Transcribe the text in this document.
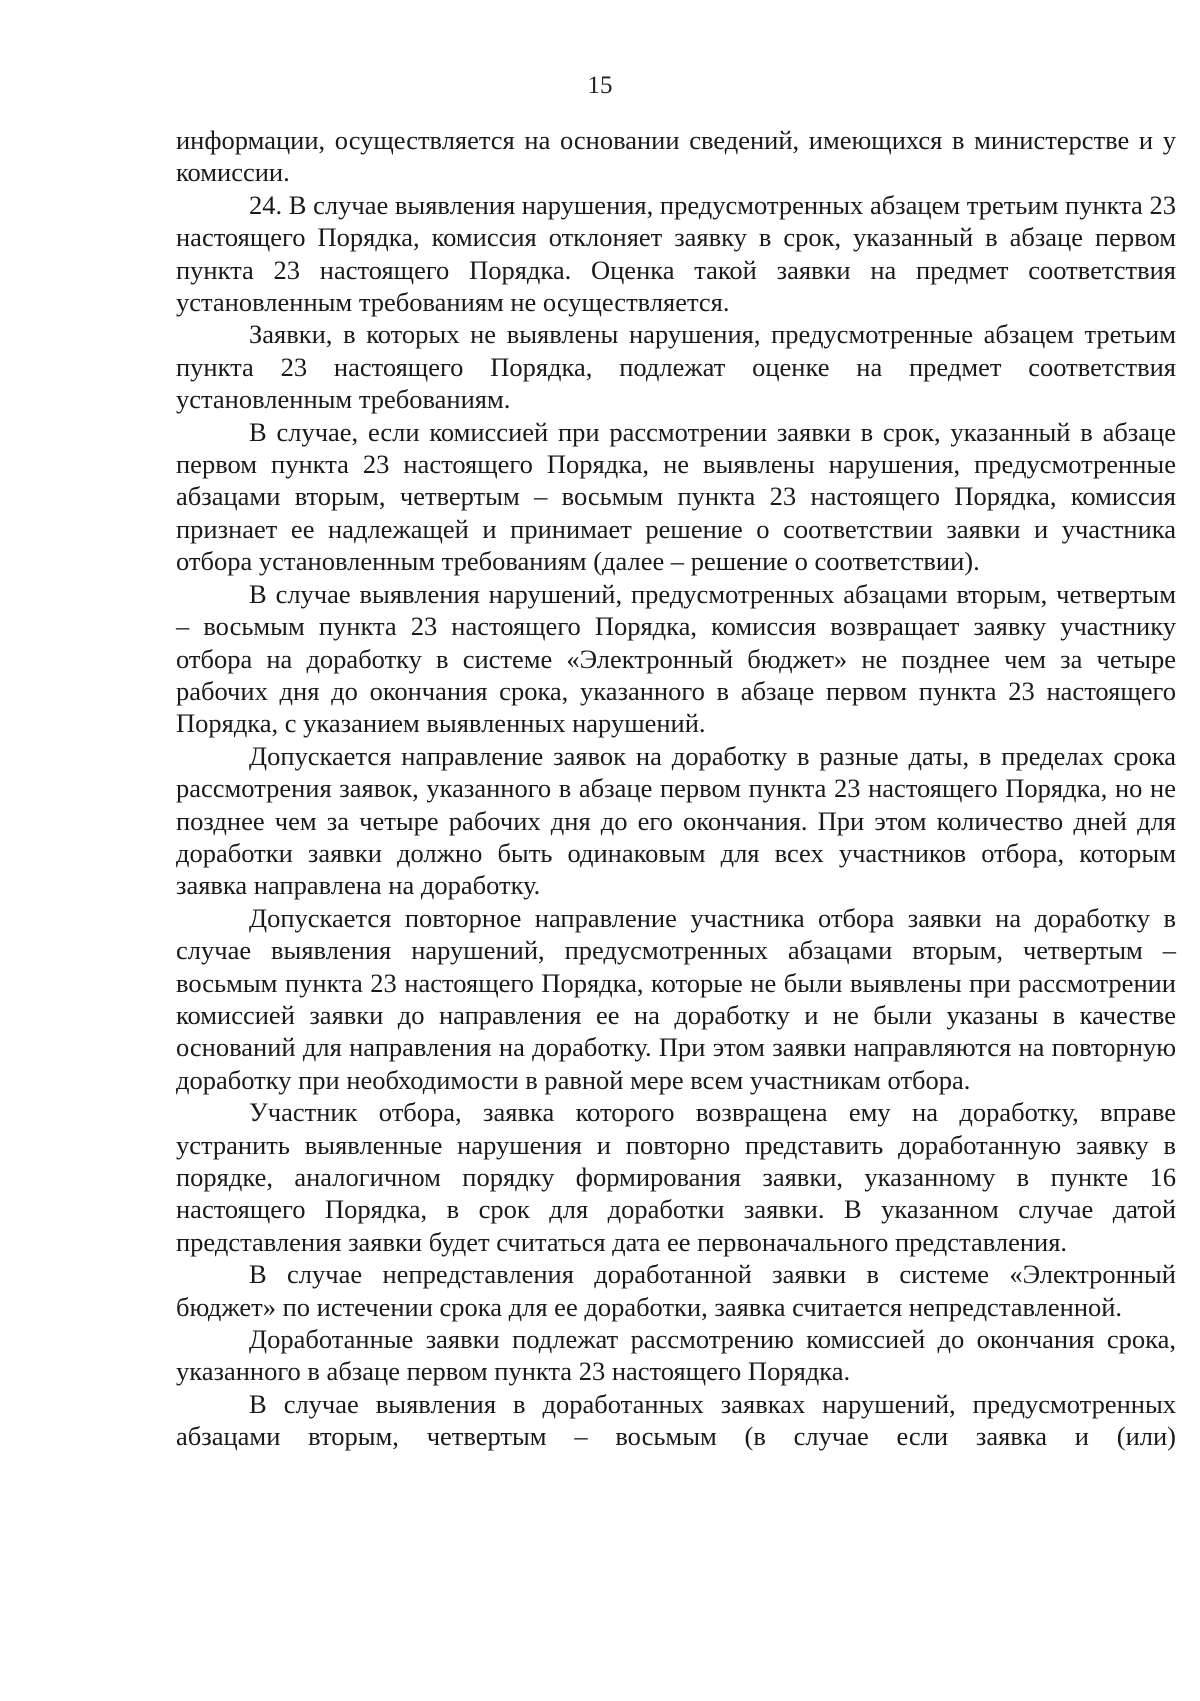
15

информации, осуществляется на основании сведений, имеющихся в министерстве и у комиссии.

24. В случае выявления нарушения, предусмотренных абзацем третьим пункта 23 настоящего Порядка, комиссия отклоняет заявку в срок, указанный в абзаце первом пункта 23 настоящего Порядка. Оценка такой заявки на предмет соответствия установленным требованиям не осуществляется.

Заявки, в которых не выявлены нарушения, предусмотренные абзацем третьим пункта 23 настоящего Порядка, подлежат оценке на предмет соответствия установленным требованиям.

В случае, если комиссией при рассмотрении заявки в срок, указанный в абзаце первом пункта 23 настоящего Порядка, не выявлены нарушения, предусмотренные абзацами вторым, четвертым – восьмым пункта 23 настоящего Порядка, комиссия признает ее надлежащей и принимает решение о соответствии заявки и участника отбора установленным требованиям (далее – решение о соответствии).

В случае выявления нарушений, предусмотренных абзацами вторым, четвертым – восьмым пункта 23 настоящего Порядка, комиссия возвращает заявку участнику отбора на доработку в системе «Электронный бюджет» не позднее чем за четыре рабочих дня до окончания срока, указанного в абзаце первом пункта 23 настоящего Порядка, с указанием выявленных нарушений.

Допускается направление заявок на доработку в разные даты, в пределах срока рассмотрения заявок, указанного в абзаце первом пункта 23 настоящего Порядка, но не позднее чем за четыре рабочих дня до его окончания. При этом количество дней для доработки заявки должно быть одинаковым для всех участников отбора, которым заявка направлена на доработку.

Допускается повторное направление участника отбора заявки на доработку в случае выявления нарушений, предусмотренных абзацами вторым, четвертым – восьмым пункта 23 настоящего Порядка, которые не были выявлены при рассмотрении комиссией заявки до направления ее на доработку и не были указаны в качестве оснований для направления на доработку. При этом заявки направляются на повторную доработку при необходимости в равной мере всем участникам отбора.

Участник отбора, заявка которого возвращена ему на доработку, вправе устранить выявленные нарушения и повторно представить доработанную заявку в порядке, аналогичном порядку формирования заявки, указанному в пункте 16 настоящего Порядка, в срок для доработки заявки. В указанном случае датой представления заявки будет считаться дата ее первоначального представления.

В случае непредставления доработанной заявки в системе «Электронный бюджет» по истечении срока для ее доработки, заявка считается непредставленной.

Доработанные заявки подлежат рассмотрению комиссией до окончания срока, указанного в абзаце первом пункта 23 настоящего Порядка.

В случае выявления в доработанных заявках нарушений, предусмотренных абзацами вторым, четвертым – восьмым (в случае если заявка и (или)
